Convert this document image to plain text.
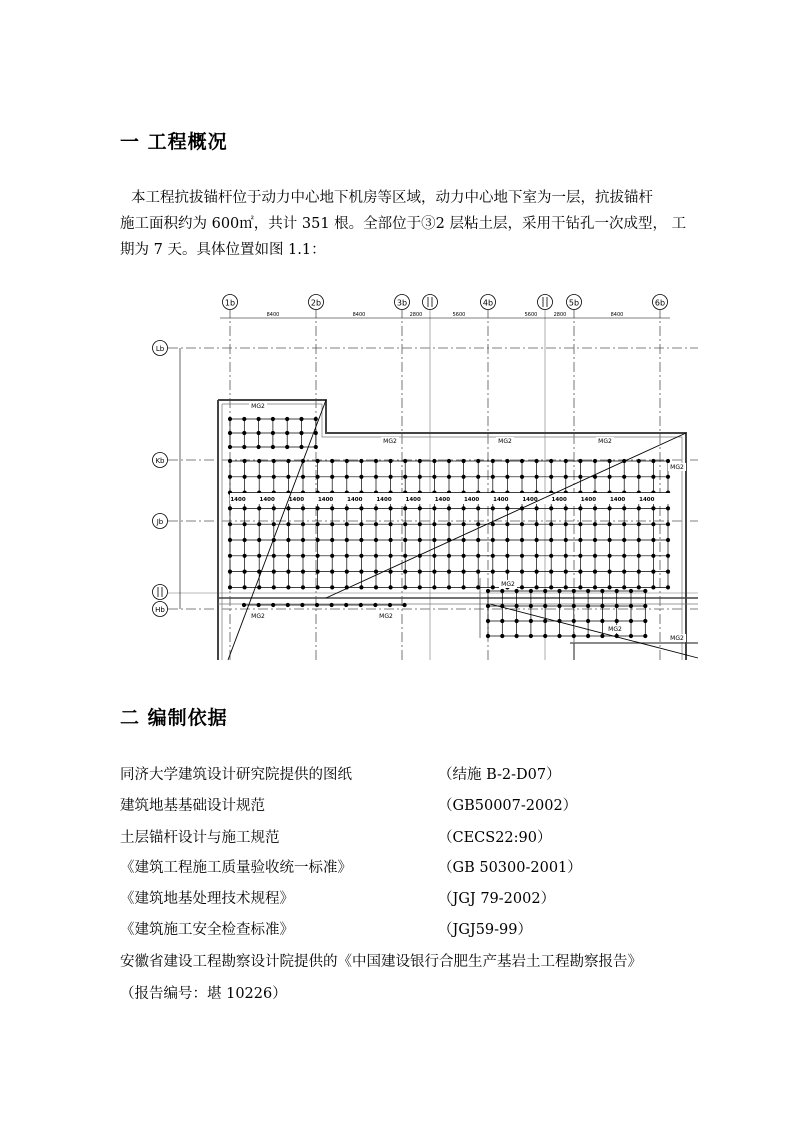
一 工程概况

本工程抗拔锚杆位于动力中心地下机房等区域，动力中心地下室为一层，抗拔锚杆

施工面积约为 600㎡，共计 351 根。全部位于③2 层粘土层，采用干钻孔一次成型， 工

期为 7 天。具体位置如图 1.1：

8400	8400	2800	5600	5600	2800	8400
1b	2b	3b	4b	5b	6b
Lb
Kb
Jb
Hb
1400	1400	1400	1400	1400	1400	1400	1400	1400	1400	1400	1400	1400	1400	1400
MG2
MG2	MG2	MG2
MG2
MG2
MG2	MG2
MG2
MG2
二 编制依据
同济大学建筑设计研究院提供的图纸	（结施 B-2-D07）
建筑地基基础设计规范	（GB50007-2002）
土层锚杆设计与施工规范	（CECS22:90）
《建筑工程施工质量验收统一标准》	（GB 50300-2001）
《建筑地基处理技术规程》	（JGJ 79-2002）
《建筑施工安全检查标准》	（JGJ59-99）
安徽省建设工程勘察设计院提供的《中国建设银行合肥生产基岩土工程勘察报告》
（报告编号：堪 10226）
